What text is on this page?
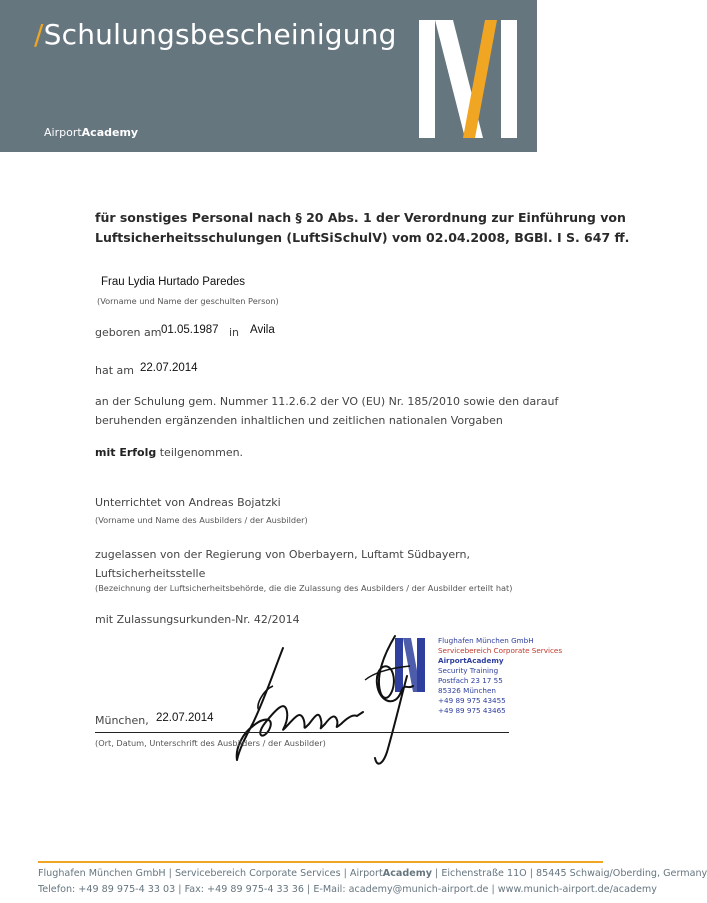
/Schulungsbescheinigung
AirportAcademy
für sonstiges Personal nach § 20 Abs. 1 der Verordnung zur Einführung von
Luftsicherheitsschulungen (LuftSiSchulV) vom 02.04.2008, BGBl. I S. 647 ff.
Frau Lydia Hurtado Paredes
(Vorname und Name der geschulten Person)
geboren am 01.05.1987 in Avila
hat am 22.07.2014
an der Schulung gem. Nummer 11.2.6.2 der VO (EU) Nr. 185/2010 sowie den darauf
beruhenden ergänzenden inhaltlichen und zeitlichen nationalen Vorgaben
mit Erfolg teilgenommen.
Unterrichtet von Andreas Bojatzki
(Vorname und Name des Ausbilders / der Ausbilder)
zugelassen von der Regierung von Oberbayern, Luftamt Südbayern,
Luftsicherheitsstelle
(Bezeichnung der Luftsicherheitsbehörde, die die Zulassung des Ausbilders / der Ausbilder erteilt hat)
mit Zulassungsurkunden-Nr. 42/2014
Flughafen München GmbH
Servicebereich Corporate Services
AirportAcademy
Security Training
Postfach 23 17 55
85326 München
+49 89 975 43455
+49 89 975 43465
München, 22.07.2014
(Ort, Datum, Unterschrift des Ausbilders / der Ausbilder)
Flughafen München GmbH | Servicebereich Corporate Services | AirportAcademy | Eichenstraße 11O | 85445 Schwaig/Oberding, Germany
Telefon: +49 89 975-4 33 03 | Fax: +49 89 975-4 33 36 | E-Mail: academy@munich-airport.de | www.munich-airport.de/academy
